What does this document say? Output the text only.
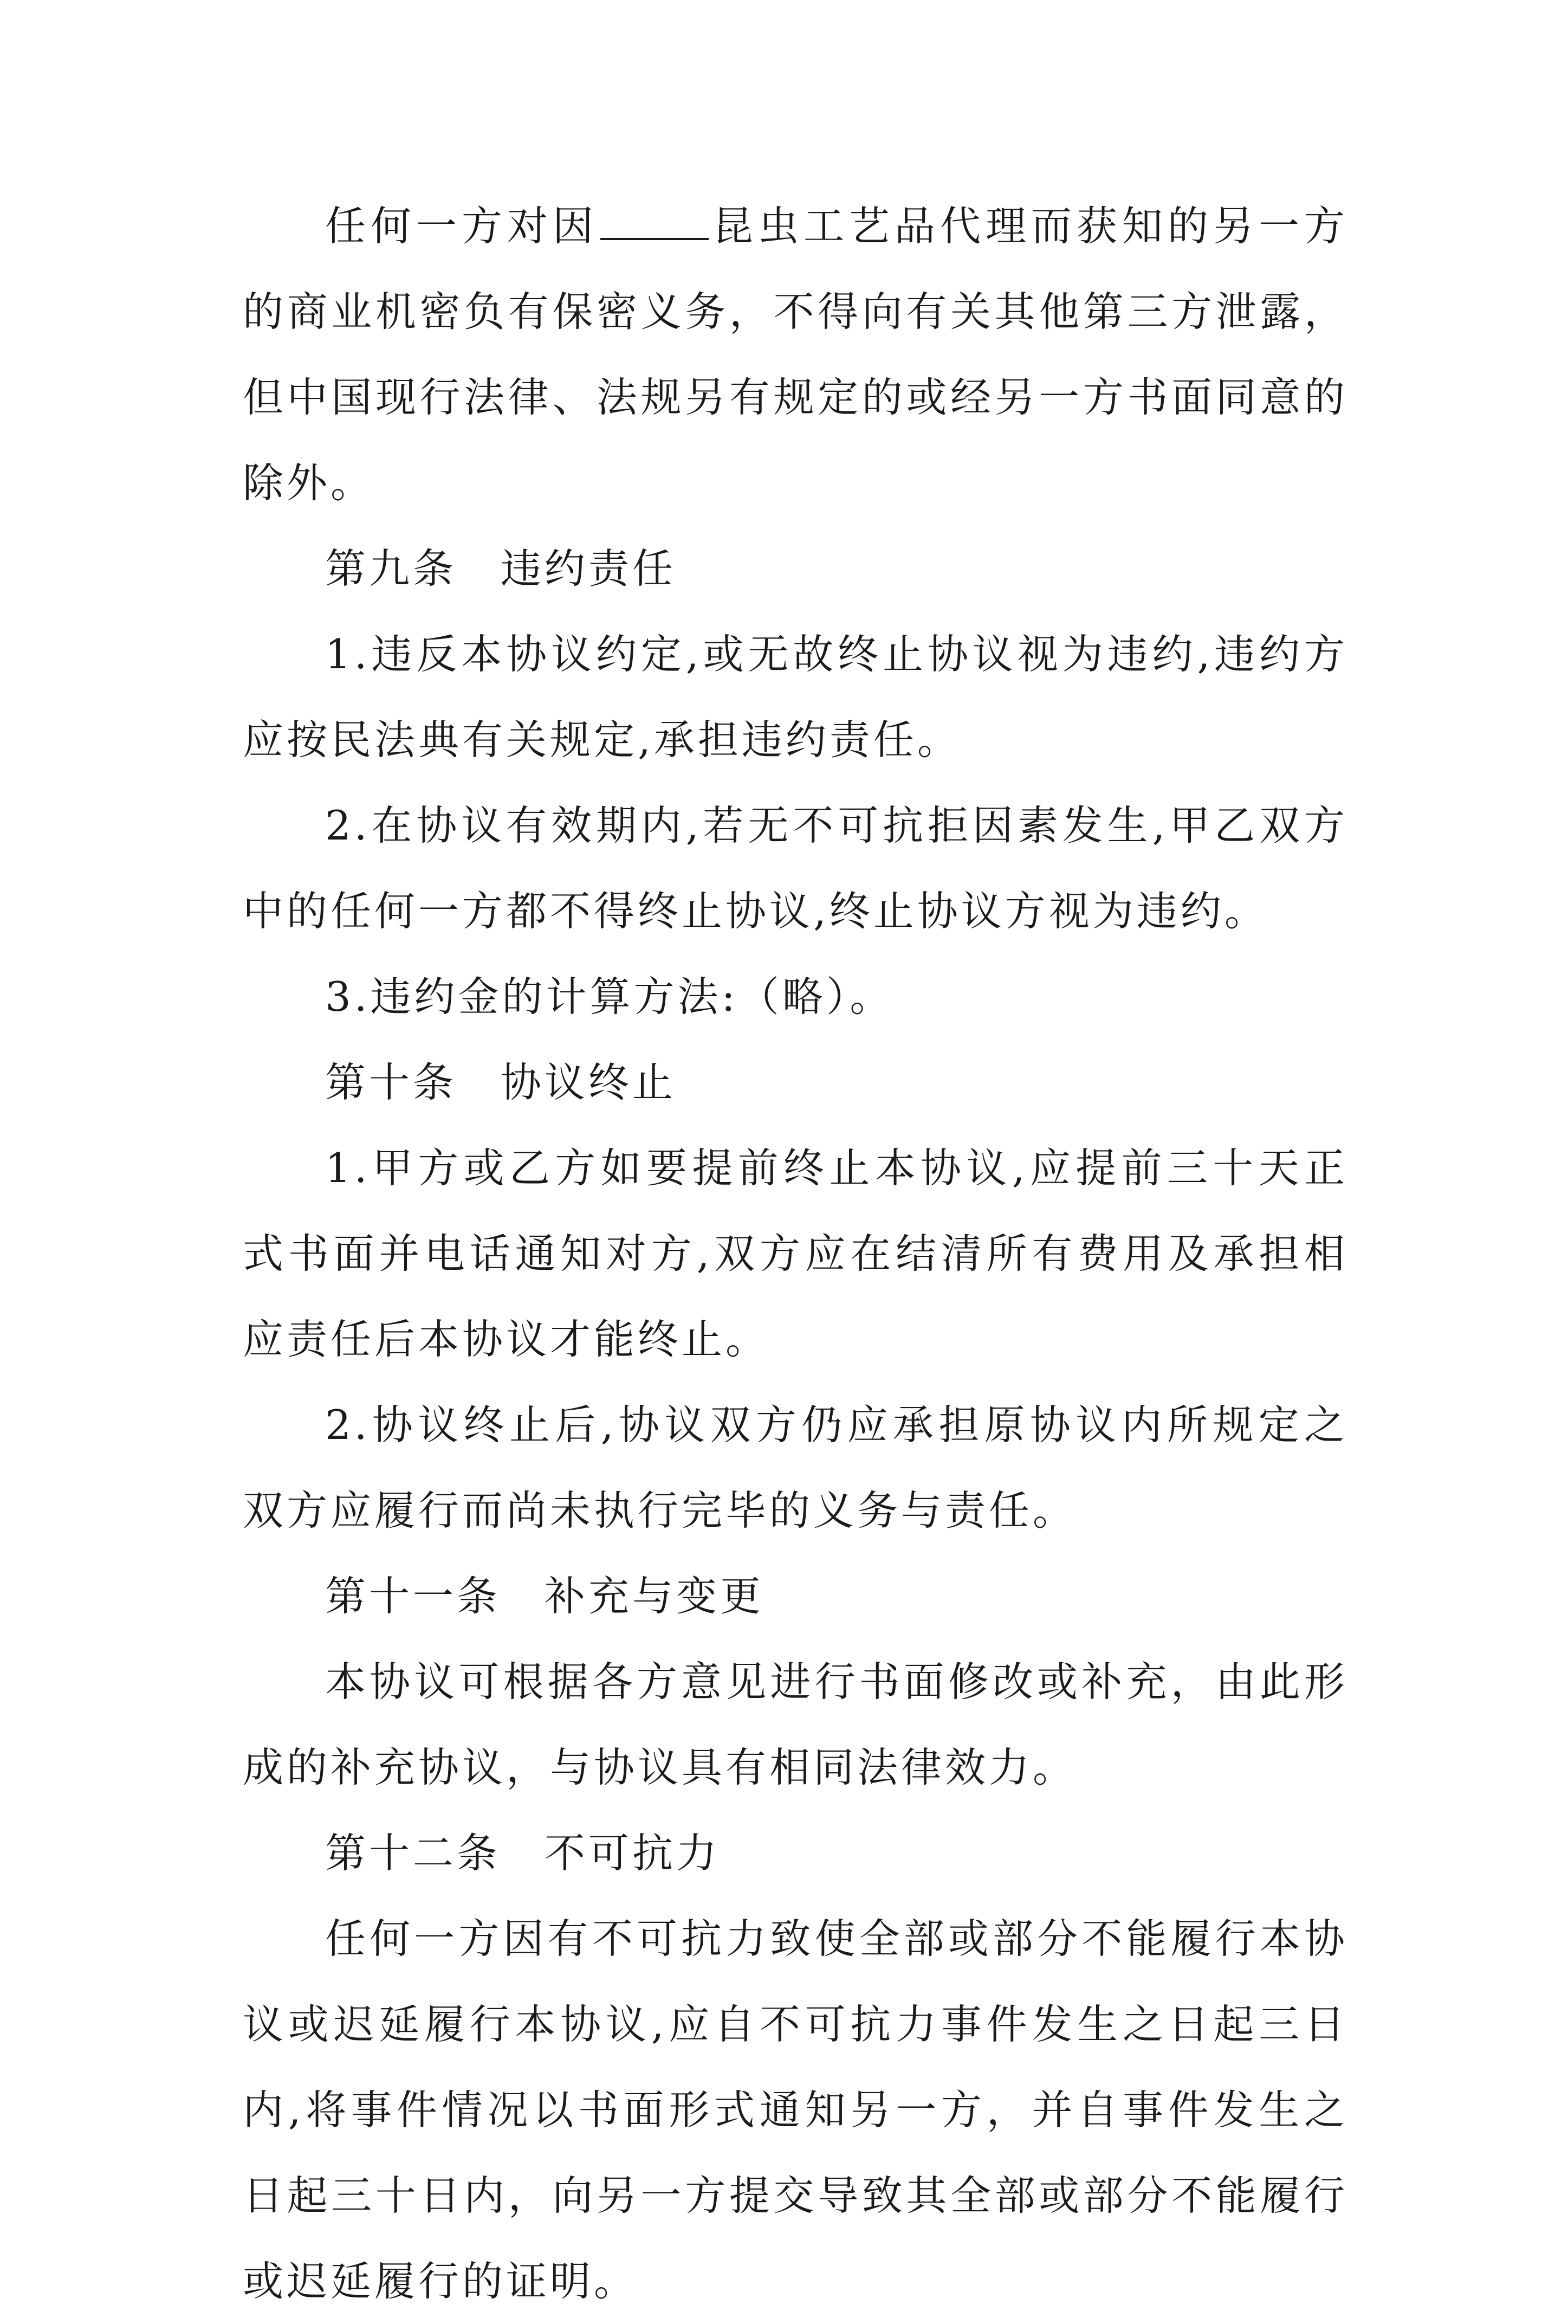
任何一方对因	昆虫工艺品代理而获知的另一方的商业机密负有保密义务，不得向有关其他第三方泄露，但中国现行法律、法规另有规定的或经另一方书面同意的除外。

第九条　违约责任

1.违反本协议约定,或无故终止协议视为违约,违约方应按民法典有关规定,承担违约责任。

2.在协议有效期内,若无不可抗拒因素发生,甲乙双方中的任何一方都不得终止协议,终止协议方视为违约。

3.违约金的计算方法:（略）。

第十条　协议终止

1.甲方或乙方如要提前终止本协议,应提前三十天正式书面并电话通知对方,双方应在结清所有费用及承担相应责任后本协议才能终止。

2.协议终止后,协议双方仍应承担原协议内所规定之双方应履行而尚未执行完毕的义务与责任。

第十一条　补充与变更

本协议可根据各方意见进行书面修改或补充，由此形成的补充协议，与协议具有相同法律效力。

第十二条　不可抗力

任何一方因有不可抗力致使全部或部分不能履行本协议或迟延履行本协议,应自不可抗力事件发生之日起三日内,将事件情况以书面形式通知另一方，并自事件发生之日起三十日内，向另一方提交导致其全部或部分不能履行或迟延履行的证明。
